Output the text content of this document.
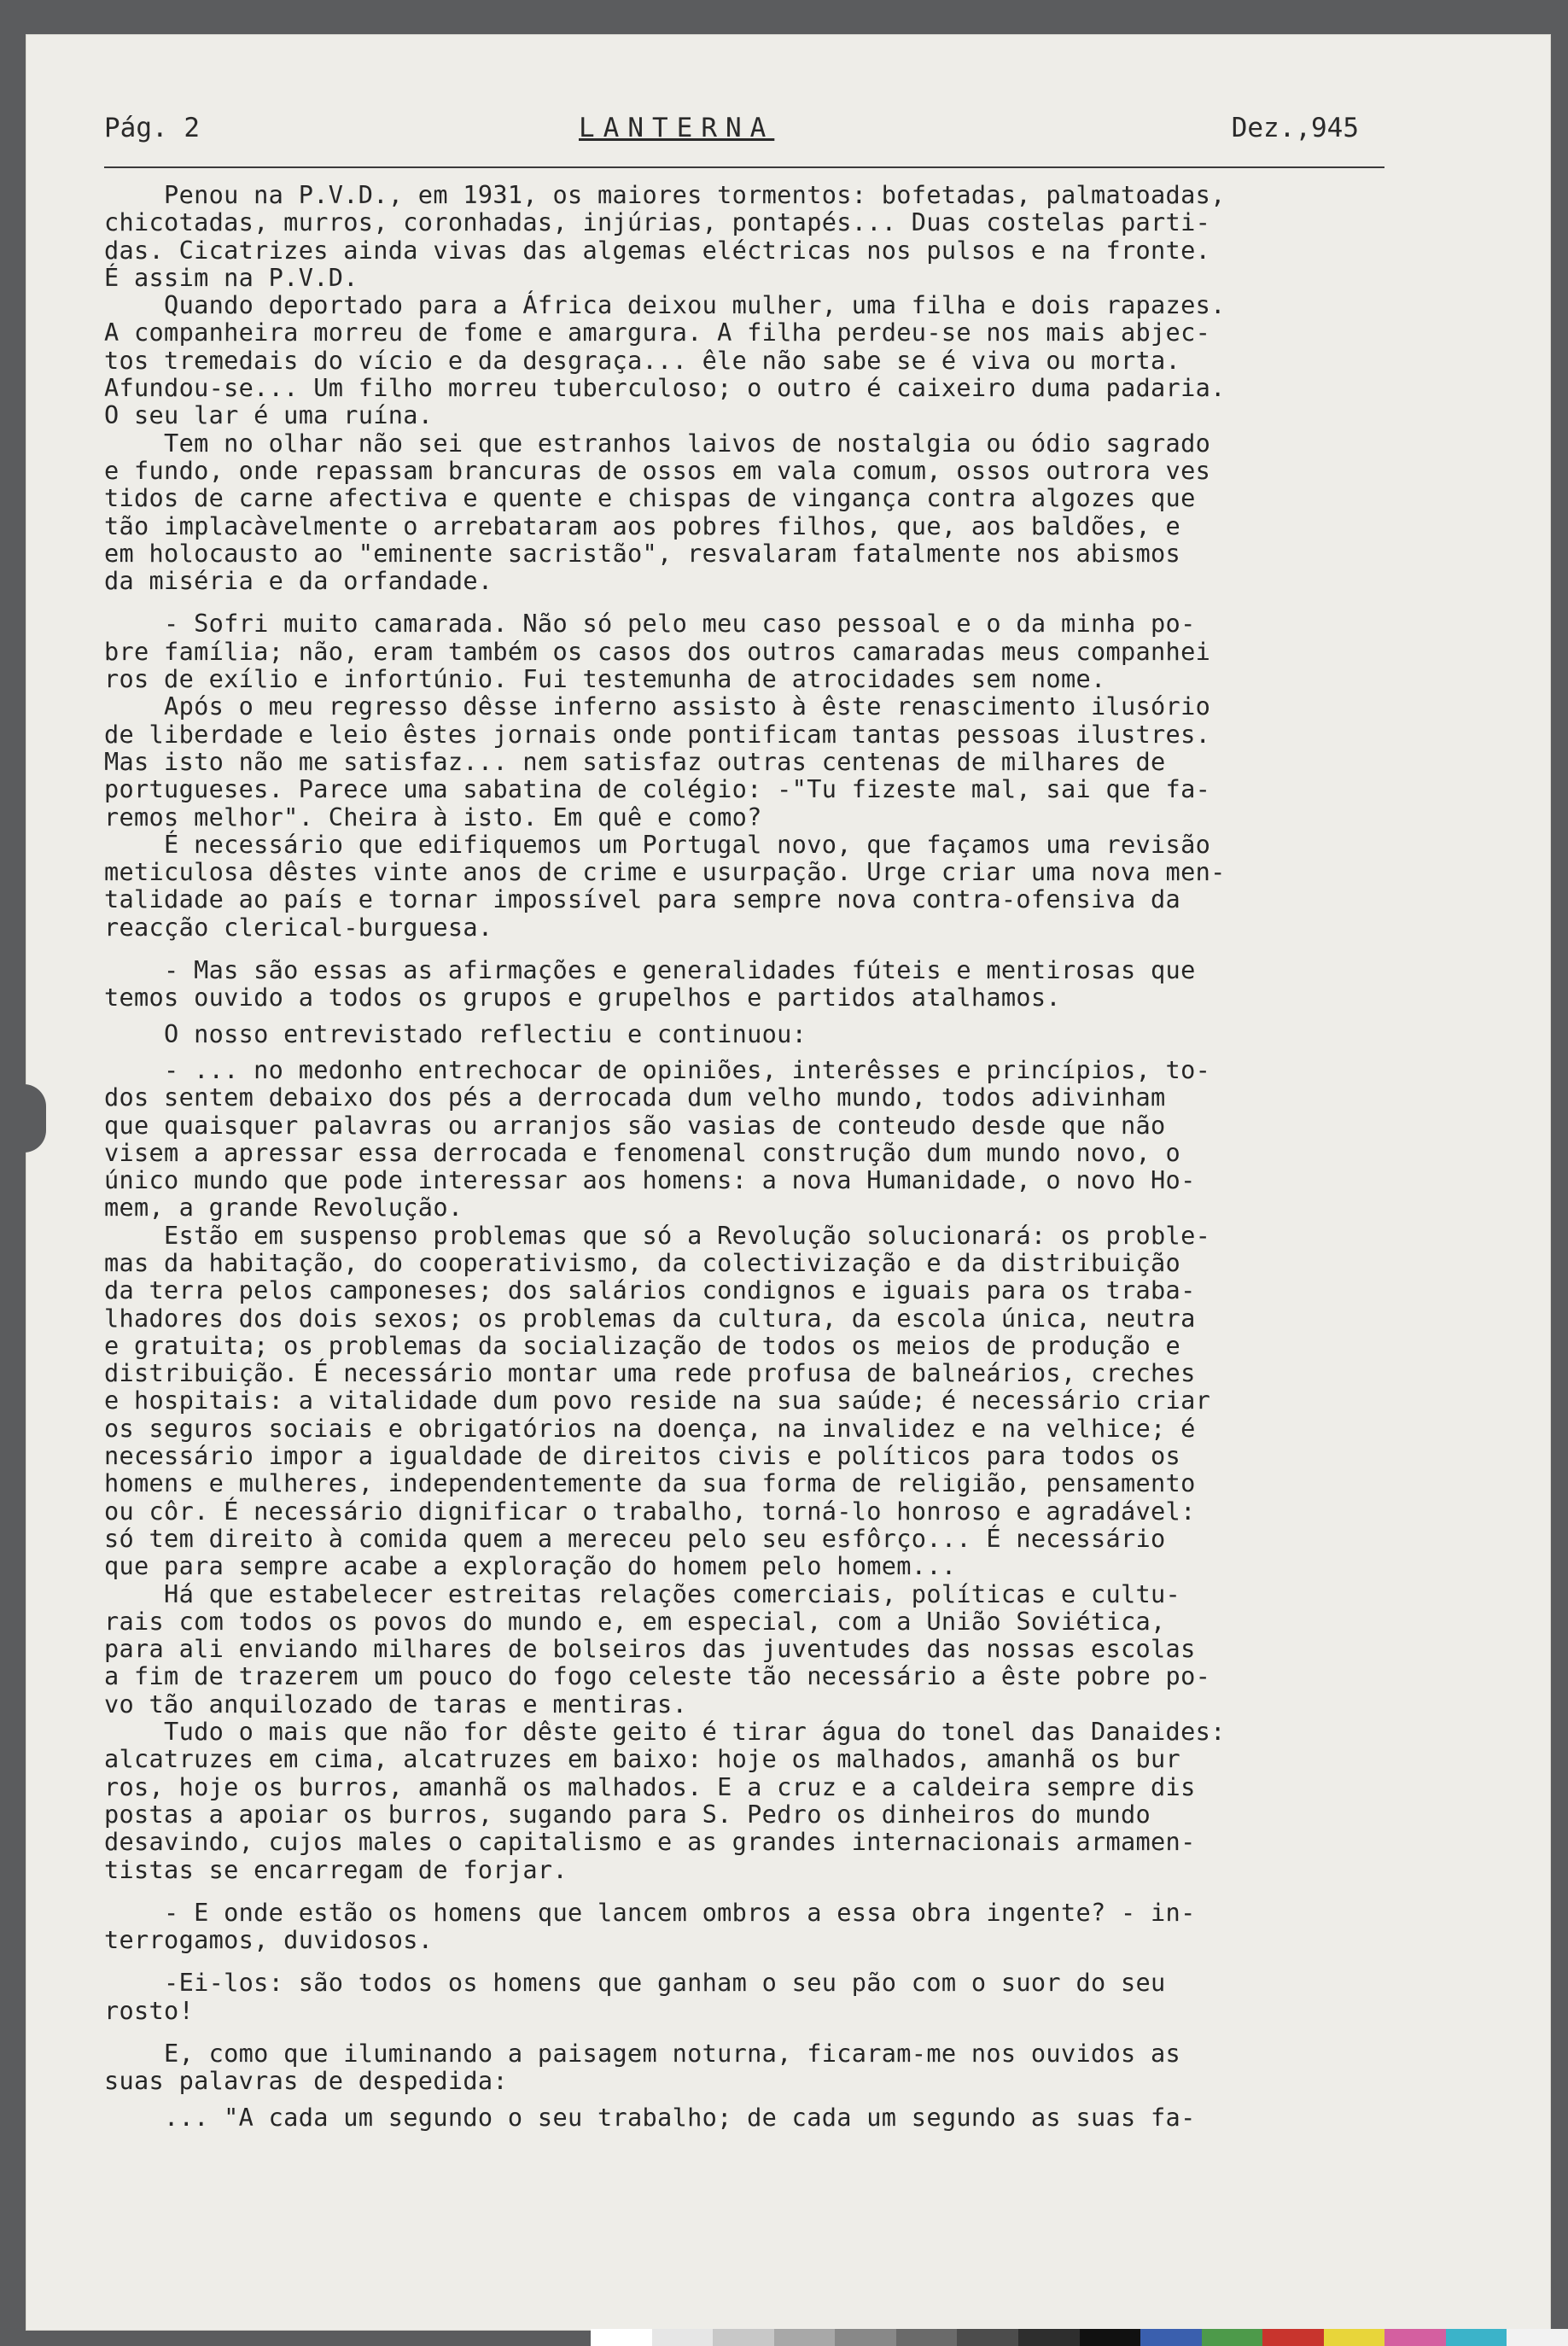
Pág. 2	LANTERNA	Dez.,945

Penou na P.V.D., em 1931, os maiores tormentos: bofetadas, palmatoadas,

chicotadas, murros, coronhadas, injúrias, pontapés... Duas costelas parti-

das. Cicatrizes ainda vivas das algemas eléctricas nos pulsos e na fronte.

É assim na P.V.D.

Quando deportado para a África deixou mulher, uma filha e dois rapazes.

A companheira morreu de fome e amargura. A filha perdeu-se nos mais abjec-

tos tremedais do vício e da desgraça... êle não sabe se é viva ou morta.

Afundou-se... Um filho morreu tuberculoso; o outro é caixeiro duma padaria.

O seu lar é uma ruína.

Tem no olhar não sei que estranhos laivos de nostalgia ou ódio sagrado

e fundo, onde repassam brancuras de ossos em vala comum, ossos outrora ves

tidos de carne afectiva e quente e chispas de vingança contra algozes que

tão implacàvelmente o arrebataram aos pobres filhos, que, aos baldões, e

em holocausto ao "eminente sacristão", resvalaram fatalmente nos abismos

da miséria e da orfandade.

- Sofri muito camarada. Não só pelo meu caso pessoal e o da minha po-

bre família; não, eram também os casos dos outros camaradas meus companhei

ros de exílio e infortúnio. Fui testemunha de atrocidades sem nome.

Após o meu regresso dêsse inferno assisto à êste renascimento ilusório

de liberdade e leio êstes jornais onde pontificam tantas pessoas ilustres.

Mas isto não me satisfaz... nem satisfaz outras centenas de milhares de

portugueses. Parece uma sabatina de colégio: -"Tu fizeste mal, sai que fa-

remos melhor". Cheira à isto. Em quê e como?

É necessário que edifiquemos um Portugal novo, que façamos uma revisão

meticulosa dêstes vinte anos de crime e usurpação. Urge criar uma nova men-

talidade ao país e tornar impossível para sempre nova contra-ofensiva da

reacção clerical-burguesa.

- Mas são essas as afirmações e generalidades fúteis e mentirosas que

temos ouvido a todos os grupos e grupelhos e partidos atalhamos.

O nosso entrevistado reflectiu e continuou:

- ... no medonho entrechocar de opiniões, interêsses e princípios, to-

dos sentem debaixo dos pés a derrocada dum velho mundo, todos adivinham

que quaisquer palavras ou arranjos são vasias de conteudo desde que não

visem a apressar essa derrocada e fenomenal construção dum mundo novo, o

único mundo que pode interessar aos homens: a nova Humanidade, o novo Ho-

mem, a grande Revolução.

Estão em suspenso problemas que só a Revolução solucionará: os proble-

mas da habitação, do cooperativismo, da colectivização e da distribuição

da terra pelos camponeses; dos salários condignos e iguais para os traba-

lhadores dos dois sexos; os problemas da cultura, da escola única, neutra

e gratuita; os problemas da socialização de todos os meios de produção e

distribuição. É necessário montar uma rede profusa de balneários, creches

e hospitais: a vitalidade dum povo reside na sua saúde; é necessário criar

os seguros sociais e obrigatórios na doença, na invalidez e na velhice; é

necessário impor a igualdade de direitos civis e políticos para todos os

homens e mulheres, independentemente da sua forma de religião, pensamento

ou côr. É necessário dignificar o trabalho, torná-lo honroso e agradável:

só tem direito à comida quem a mereceu pelo seu esfôrço... É necessário

que para sempre acabe a exploração do homem pelo homem...

Há que estabelecer estreitas relações comerciais, políticas e cultu-

rais com todos os povos do mundo e, em especial, com a União Soviética,

para ali enviando milhares de bolseiros das juventudes das nossas escolas

a fim de trazerem um pouco do fogo celeste tão necessário a êste pobre po-

vo tão anquilozado de taras e mentiras.

Tudo o mais que não for dêste geito é tirar água do tonel das Danaides:

alcatruzes em cima, alcatruzes em baixo: hoje os malhados, amanhã os bur

ros, hoje os burros, amanhã os malhados. E a cruz e a caldeira sempre dis

postas a apoiar os burros, sugando para S. Pedro os dinheiros do mundo

desavindo, cujos males o capitalismo e as grandes internacionais armamen-

tistas se encarregam de forjar.

- E onde estão os homens que lancem ombros a essa obra ingente? - in-

terrogamos, duvidosos.

-Ei-los: são todos os homens que ganham o seu pão com o suor do seu

rosto!

E, como que iluminando a paisagem noturna, ficaram-me nos ouvidos as

suas palavras de despedida:

... "A cada um segundo o seu trabalho; de cada um segundo as suas fa-
